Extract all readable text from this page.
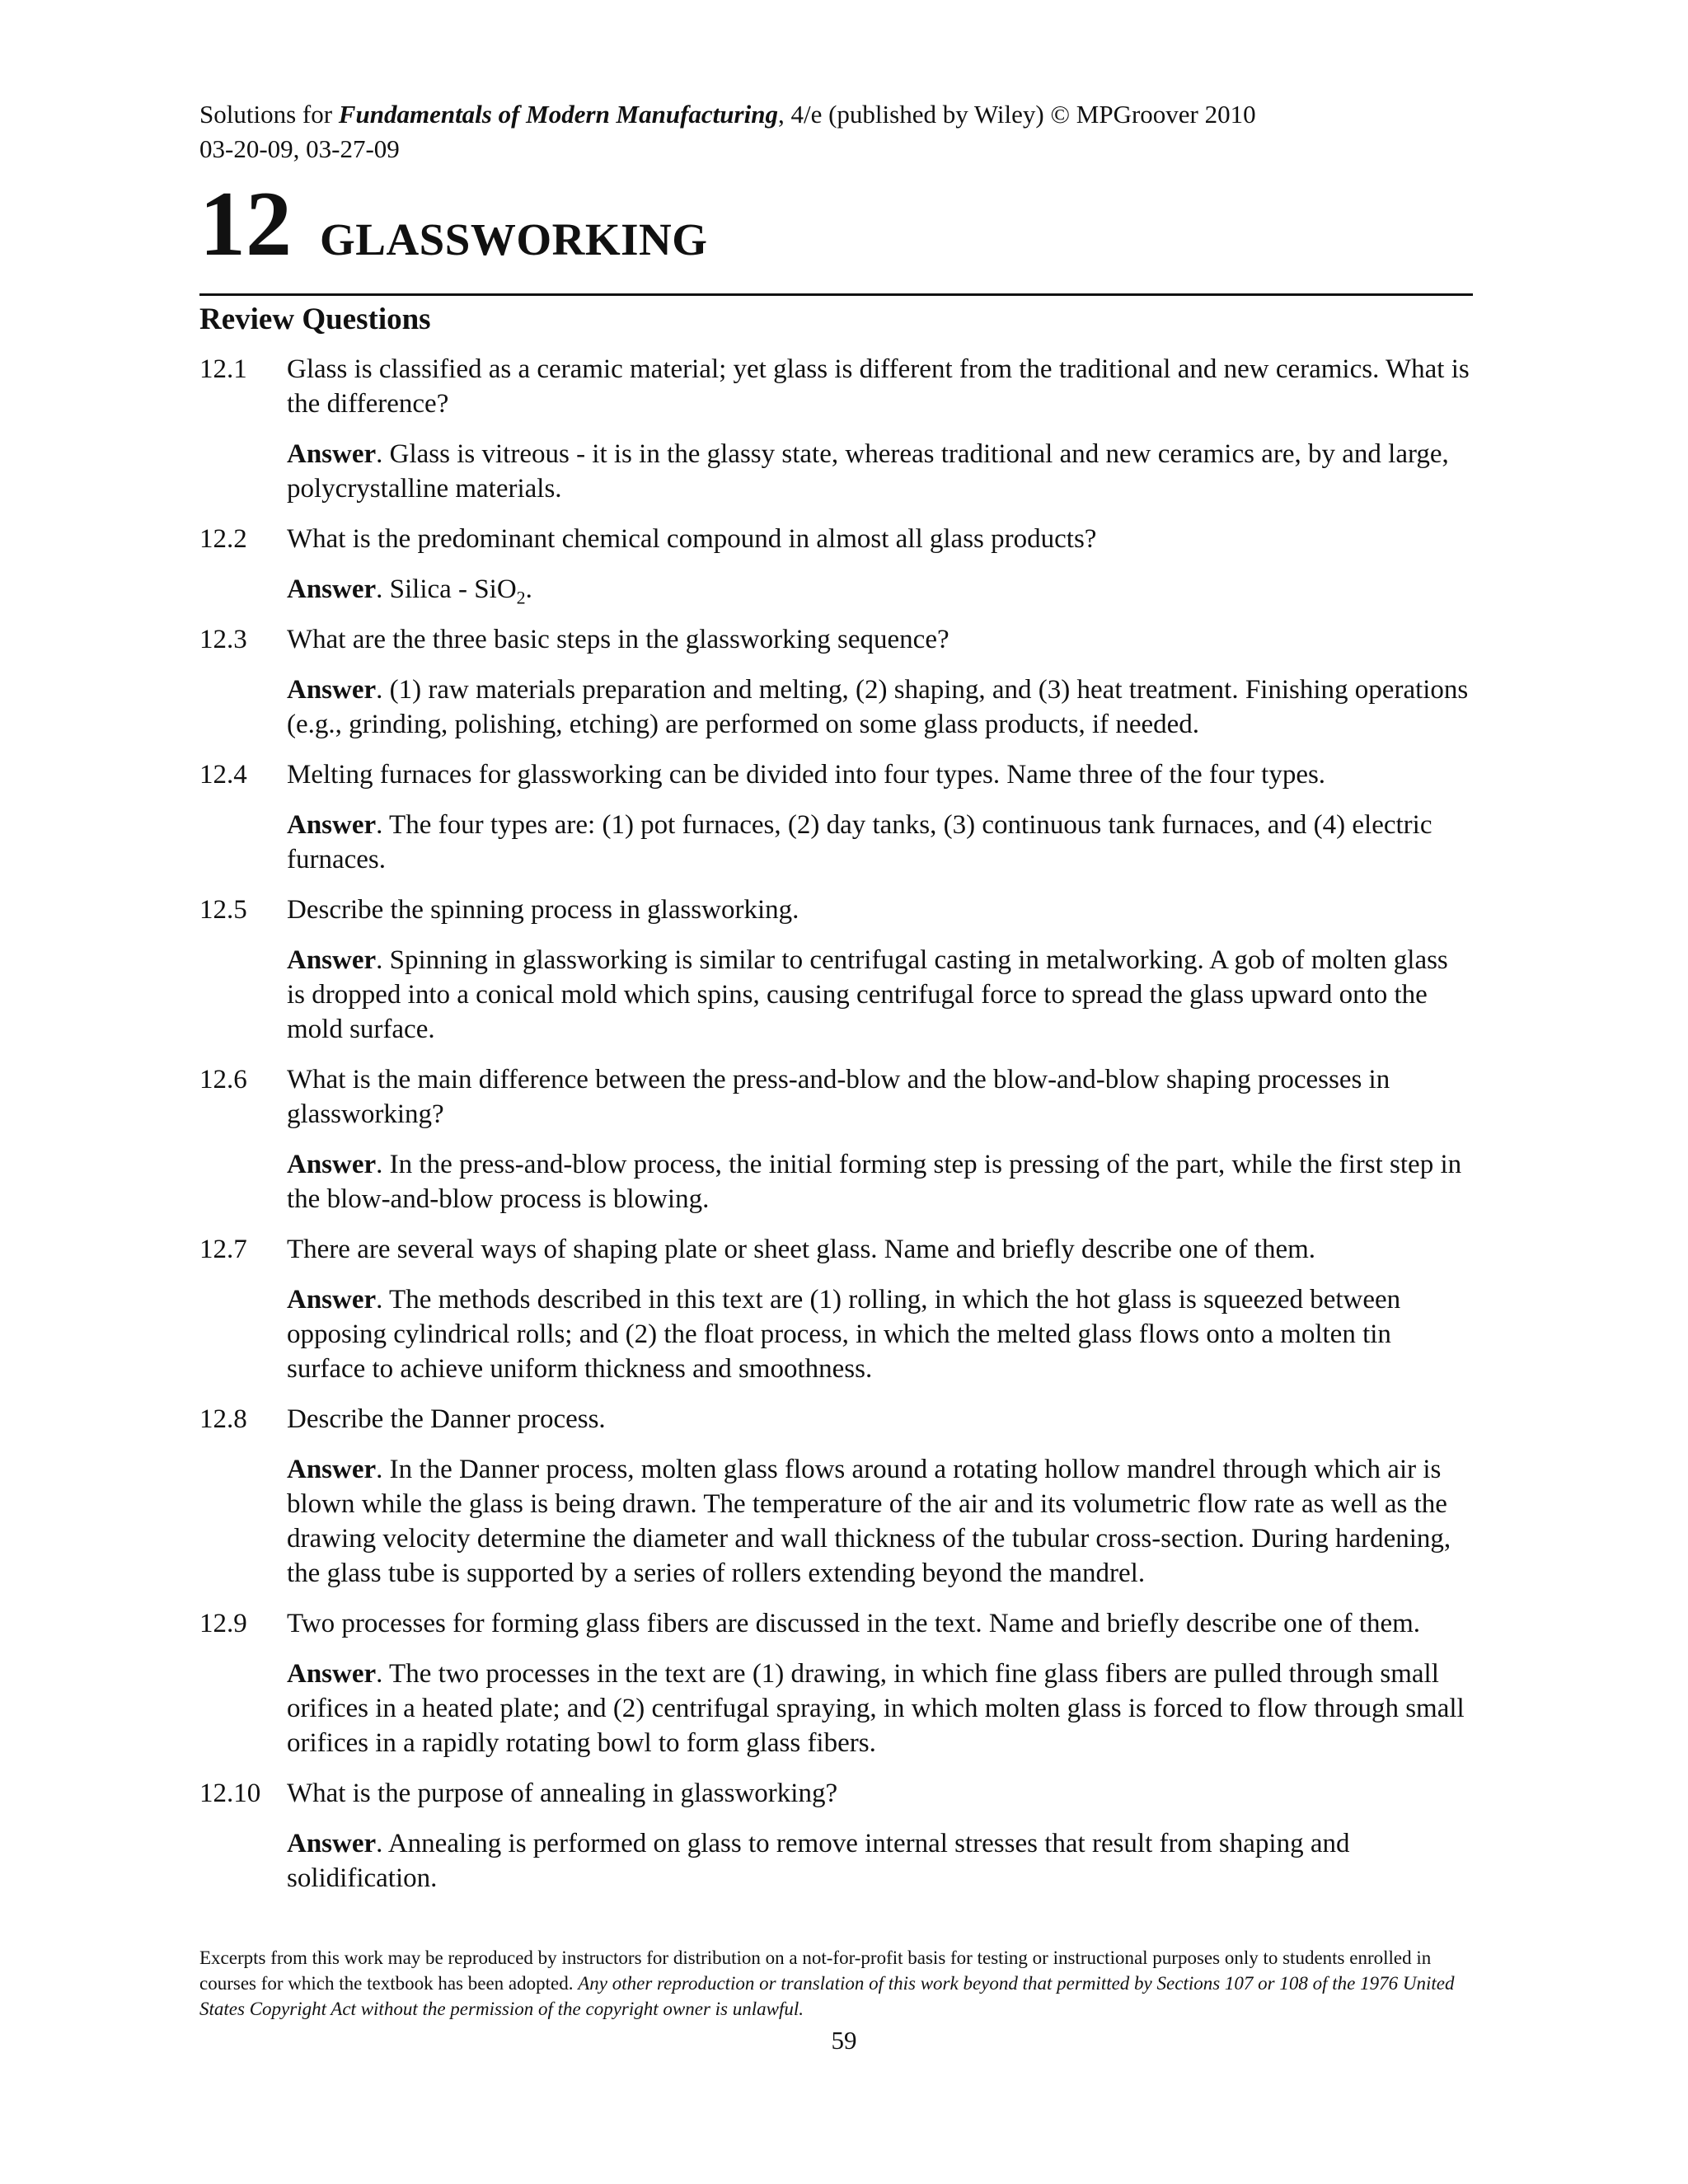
Solutions for Fundamentals of Modern Manufacturing, 4/e (published by Wiley) © MPGroover 2010
03-20-09, 03-27-09
12 GLASSWORKING
Review Questions
12.1	Glass is classified as a ceramic material; yet glass is different from the traditional and new ceramics. What is the difference?
Answer. Glass is vitreous - it is in the glassy state, whereas traditional and new ceramics are, by and large, polycrystalline materials.
12.2	What is the predominant chemical compound in almost all glass products?
Answer. Silica - SiO$_2$.
12.3	What are the three basic steps in the glassworking sequence?
Answer. (1) raw materials preparation and melting, (2) shaping, and (3) heat treatment. Finishing operations (e.g., grinding, polishing, etching) are performed on some glass products, if needed.
12.4	Melting furnaces for glassworking can be divided into four types. Name three of the four types.
Answer. The four types are: (1) pot furnaces, (2) day tanks, (3) continuous tank furnaces, and (4) electric furnaces.
12.5	Describe the spinning process in glassworking.
Answer. Spinning in glassworking is similar to centrifugal casting in metalworking. A gob of molten glass is dropped into a conical mold which spins, causing centrifugal force to spread the glass upward onto the mold surface.
12.6	What is the main difference between the press-and-blow and the blow-and-blow shaping processes in glassworking?
Answer. In the press-and-blow process, the initial forming step is pressing of the part, while the first step in the blow-and-blow process is blowing.
12.7	There are several ways of shaping plate or sheet glass. Name and briefly describe one of them.
Answer. The methods described in this text are (1) rolling, in which the hot glass is squeezed between opposing cylindrical rolls; and (2) the float process, in which the melted glass flows onto a molten tin surface to achieve uniform thickness and smoothness.
12.8	Describe the Danner process.
Answer. In the Danner process, molten glass flows around a rotating hollow mandrel through which air is blown while the glass is being drawn. The temperature of the air and its volumetric flow rate as well as the drawing velocity determine the diameter and wall thickness of the tubular cross-section. During hardening, the glass tube is supported by a series of rollers extending beyond the mandrel.
12.9	Two processes for forming glass fibers are discussed in the text. Name and briefly describe one of them.
Answer. The two processes in the text are (1) drawing, in which fine glass fibers are pulled through small orifices in a heated plate; and (2) centrifugal spraying, in which molten glass is forced to flow through small orifices in a rapidly rotating bowl to form glass fibers.
12.10 What is the purpose of annealing in glassworking?
Answer. Annealing is performed on glass to remove internal stresses that result from shaping and solidification.
Excerpts from this work may be reproduced by instructors for distribution on a not-for-profit basis for testing or instructional purposes only to students enrolled in courses for which the textbook has been adopted. Any other reproduction or translation of this work beyond that permitted by Sections 107 or 108 of the 1976 United States Copyright Act without the permission of the copyright owner is unlawful.
59
